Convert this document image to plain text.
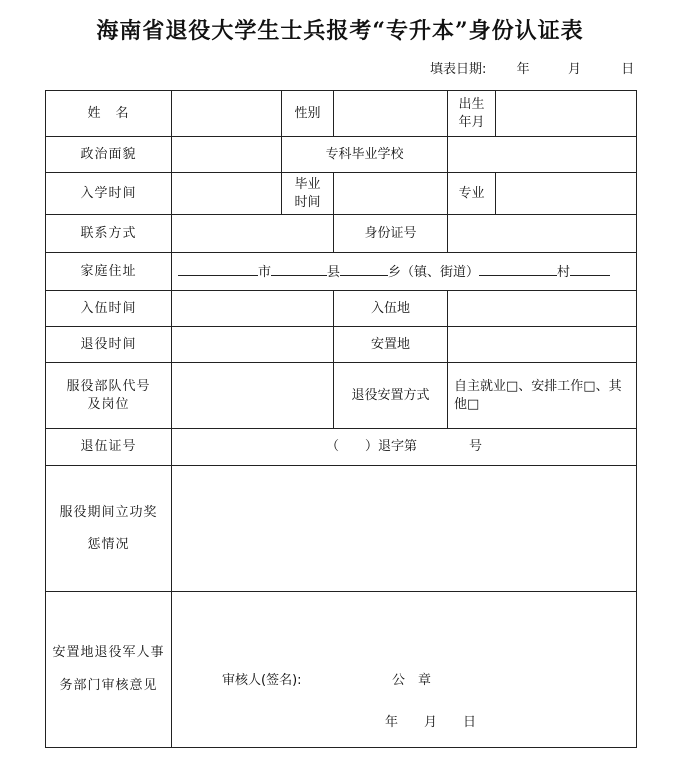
海南省退役大学生士兵报考“专升本”身份认证表
填表日期: 年	月	日
姓　名		性别		出生年月	
政治面貌		专科毕业学校			
入学时间		毕业时间		专业	
联系方式			身份证号		
家庭住址	市 县 乡（镇、街道） 村				
入伍时间			入伍地		
退役时间			安置地		
服役部队代号及岗位			退役安置方式	自主就业□、安排工作□、其他□	
退伍证号	（　　）退字第　　　　号				
服役期间立功奖惩情况					
安置地退役军人事务部门审核意见	审核人(签名): 公　章
年　　月　　日				
